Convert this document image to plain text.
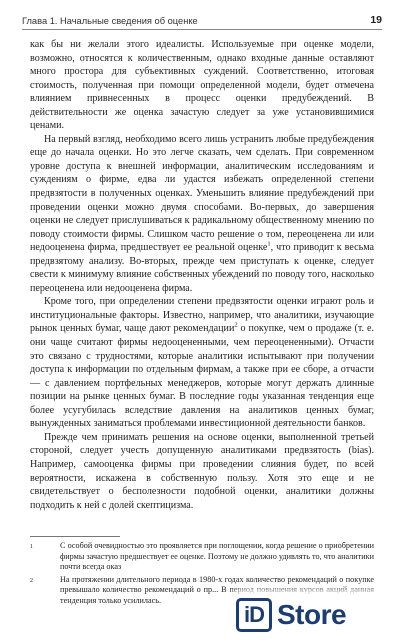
Глава 1. Начальные сведения об оценке	19

как бы ни желали этого идеалисты. Используемые при оценке модели, возможно, относятся к количественным, однако входные данные оставляют много простора для субъективных суждений. Соответственно, итоговая стоимость, полученная при помощи определенной модели, будет отмечена влиянием привнесенных в процесс оценки предубеждений. В действительности же оценка зачастую следует за уже установившимися ценами.

На первый взгляд, необходимо всего лишь устранить любые предубеждения еще до начала оценки. Но это легче сказать, чем сделать. При современном уровне доступа к внешней информации, аналитическим исследованиям и суждениям о фирме, едва ли удастся избежать определенной степени предвзятости в полученных оценках. Уменьшить влияние предубеждений при проведении оценки можно двумя способами. Во-первых, до завершения оценки не следует прислушиваться к радикальному общественному мнению по поводу стоимости фирмы. Слишком часто решение о том, переоценена ли или недооценена фирма, предшествует ее реальной оценке$^1$, что приводит к весьма предвзятому анализу. Во-вторых, прежде чем приступать к оценке, следует свести к минимуму влияние собственных убеждений по поводу того, насколько переоценена или недооценена фирма.

Кроме того, при определении степени предвзятости оценки играют роль и институциональные факторы. Известно, например, что аналитики, изучающие рынок ценных бумаг, чаще дают рекомендации$^2$ о покупке, чем о продаже (т. е. они чаще считают фирмы недооцененными, чем переоцененными). Отчасти это связано с трудностями, которые аналитики испытывают при получении доступа к информации по отдельным фирмам, а также при ее сборе, а отчасти — с давлением портфельных менеджеров, которые могут держать длинные позиции на рынке ценных бумаг. В последние годы указанная тенденция еще более усугубилась вследствие давления на аналитиков ценных бумаг, вынужденных заниматься проблемами инвестиционной деятельности банков.

Прежде чем принимать решения на основе оценки, выполненной третьей стороной, следует учесть допущенную аналитиками предвзятость (bias). Например, самооценка фирмы при проведении слияния будет, по всей вероятности, искажена в собственную пользу. Хотя это еще и не свидетельствует о бесполезности подобной оценки, аналитики должны подходить к ней с долей скептицизма.

1	С особой очевидностью это проявляется при поглощении, когда решение о приобретении фирмы зачастую предшествует ее оценке. Поэтому не должно удивлять то, что аналитики почти всегда оказ
2	На протяжении длительного периода в 1980-х годах количество рекомендаций о покупке превышало количество рекомендаций о пр... В период повышения курсов акций данная тенденция только усилилась.
iD Store
